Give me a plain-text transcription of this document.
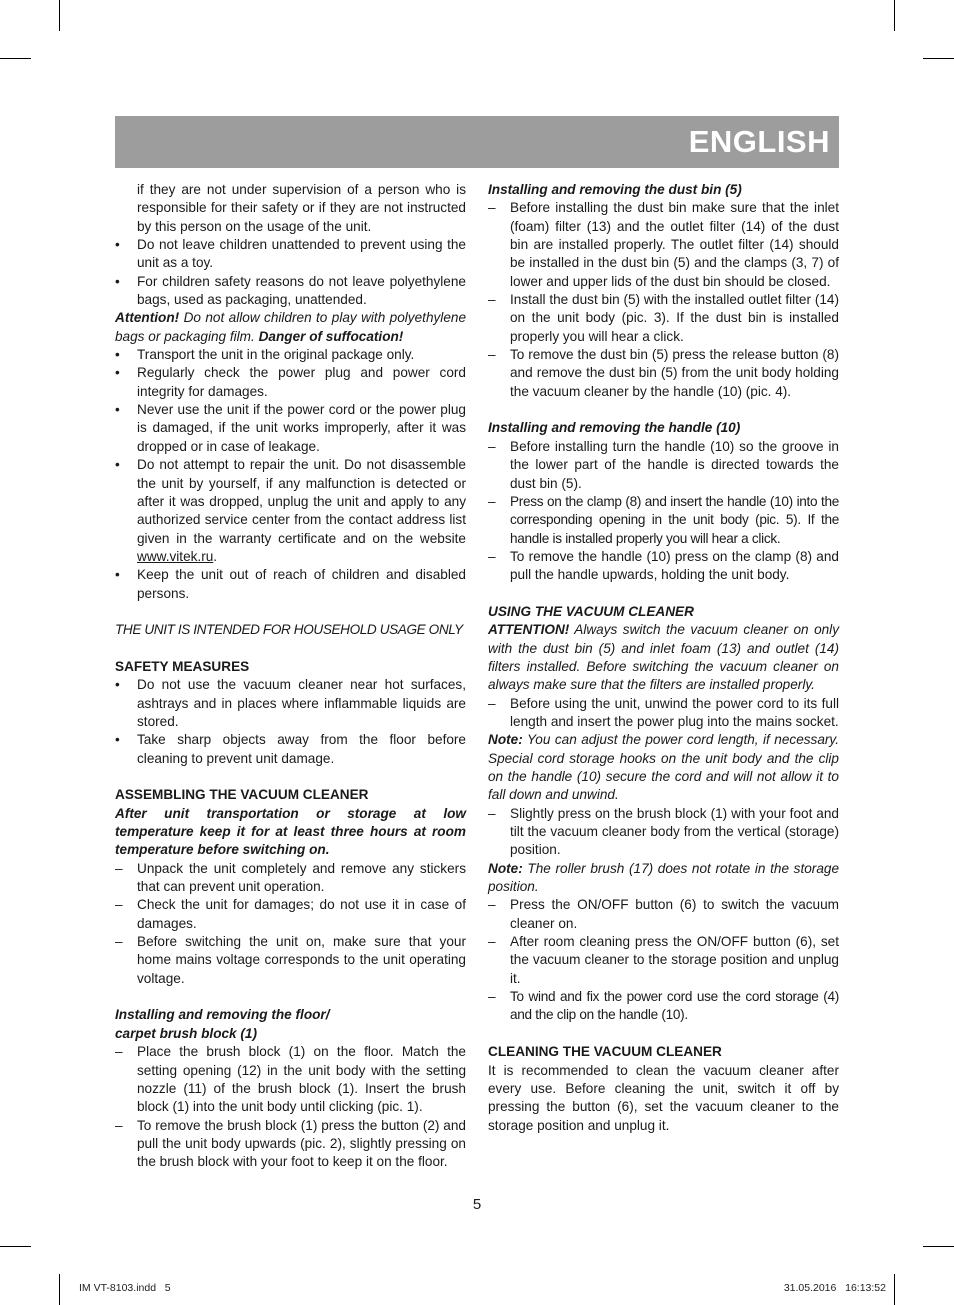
ENGLISH

if they are not under supervision of a person who is responsible for their safety or if they are not instructed by this person on the usage of the unit.

•	Do not leave children unattended to prevent using the unit as a toy.
•	For children safety reasons do not leave polyethylene bags, used as packaging, unattended.

Attention! Do not allow children to play with polyethylene bags or packaging film. Danger of suffocation!

•	Transport the unit in the original package only.
•	Regularly check the power plug and power cord integrity for damages.
•	Never use the unit if the power cord or the power plug is damaged, if the unit works improperly, after it was dropped or in case of leakage.
•	Do not attempt to repair the unit. Do not disassemble the unit by yourself, if any malfunction is detected or after it was dropped, unplug the unit and apply to any authorized service center from the contact address list given in the warranty certificate and on the website www.vitek.ru.
•	Keep the unit out of reach of children and disabled persons.

THE UNIT IS INTENDED FOR HOUSEHOLD USAGE ONLY

SAFETY MEASURES

•	Do not use the vacuum cleaner near hot surfaces, ashtrays and in places where inflammable liquids are stored.
•	Take sharp objects away from the floor before cleaning to prevent unit damage.

ASSEMBLING THE VACUUM CLEANER

After unit transportation or storage at low temperature keep it for at least three hours at room temperature before switching on.

–	Unpack the unit completely and remove any stickers that can prevent unit operation.
–	Check the unit for damages; do not use it in case of damages.
–	Before switching the unit on, make sure that your home mains voltage corresponds to the unit operating voltage.

Installing and removing the floor/

carpet brush block (1)

–	Place the brush block (1) on the floor. Match the setting opening (12) in the unit body with the setting nozzle (11) of the brush block (1). Insert the brush block (1) into the unit body until clicking (pic. 1).
–	To remove the brush block (1) press the button (2) and pull the unit body upwards (pic. 2), slightly pressing on the brush block with your foot to keep it on the floor.

Installing and removing the dust bin (5)

–	Before installing the dust bin make sure that the inlet (foam) filter (13) and the outlet filter (14) of the dust bin are installed properly. The outlet filter (14) should be installed in the dust bin (5) and the clamps (3, 7) of lower and upper lids of the dust bin should be closed.
–	Install the dust bin (5) with the installed outlet filter (14) on the unit body (pic. 3). If the dust bin is installed properly you will hear a click.
–	To remove the dust bin (5) press the release button (8) and remove the dust bin (5) from the unit body holding the vacuum cleaner by the handle (10) (pic. 4).

Installing and removing the handle (10)

–	Before installing turn the handle (10) so the groove in the lower part of the handle is directed towards the dust bin (5).
–	Press on the clamp (8) and insert the handle (10) into the corresponding opening in the unit body (pic. 5). If the handle is installed properly you will hear a click.
–	To remove the handle (10) press on the clamp (8) and pull the handle upwards, holding the unit body.

USING THE VACUUM CLEANER

ATTENTION! Always switch the vacuum cleaner on only with the dust bin (5) and inlet foam (13) and outlet (14) filters installed. Before switching the vacuum cleaner on always make sure that the filters are installed properly.

–	Before using the unit, unwind the power cord to its full length and insert the power plug into the mains socket.

Note: You can adjust the power cord length, if necessary. Special cord storage hooks on the unit body and the clip on the handle (10) secure the cord and will not allow it to fall down and unwind.

–	Slightly press on the brush block (1) with your foot and tilt the vacuum cleaner body from the vertical (storage) position.

Note: The roller brush (17) does not rotate in the storage position.

–	Press the ON/OFF button (6) to switch the vacuum cleaner on.
–	After room cleaning press the ON/OFF button (6), set the vacuum cleaner to the storage position and unplug it.
–	To wind and fix the power cord use the cord storage (4) and the clip on the handle (10).

CLEANING THE VACUUM CLEANER

It is recommended to clean the vacuum cleaner after every use. Before cleaning the unit, switch it off by pressing the button (6), set the vacuum cleaner to the storage position and unplug it.

5
IM VT-8103.indd   5	31.05.2016   16:13:52
